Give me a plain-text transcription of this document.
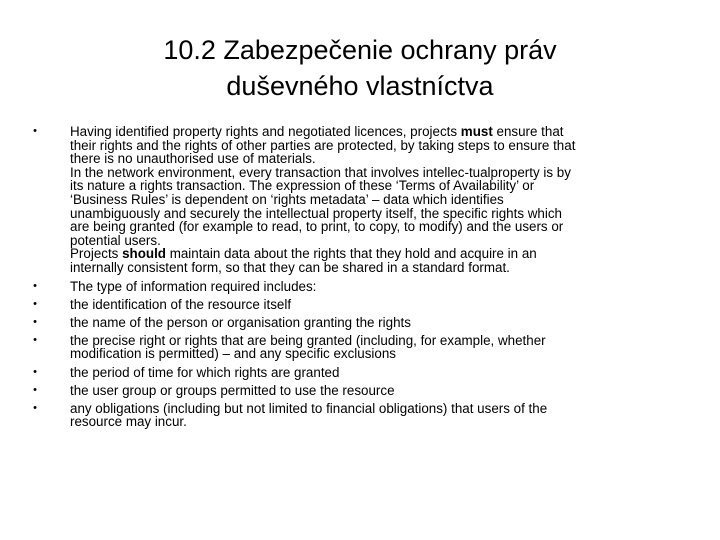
10.2 Zabezpečenie ochrany práv
duševného vlastníctva
• Having identified property rights and negotiated licences, projects must ensure that
their rights and the rights of other parties are protected, by taking steps to ensure that
there is no unauthorised use of materials.
In the network environment, every transaction that involves intellec-tualproperty is by
its nature a rights transaction. The expression of these ‘Terms of Availability’ or
‘Business Rules’ is dependent on ‘rights metadata’ – data which identifies
unambiguously and securely the intellectual property itself, the specific rights which
are being granted (for example to read, to print, to copy, to modify) and the users or
potential users.
Projects should maintain data about the rights that they hold and acquire in an
internally consistent form, so that they can be shared in a standard format.
• The type of information required includes:
• the identification of the resource itself
• the name of the person or organisation granting the rights
• the precise right or rights that are being granted (including, for example, whether
modification is permitted) – and any specific exclusions
• the period of time for which rights are granted
• the user group or groups permitted to use the resource
• any obligations (including but not limited to financial obligations) that users of the
resource may incur.
